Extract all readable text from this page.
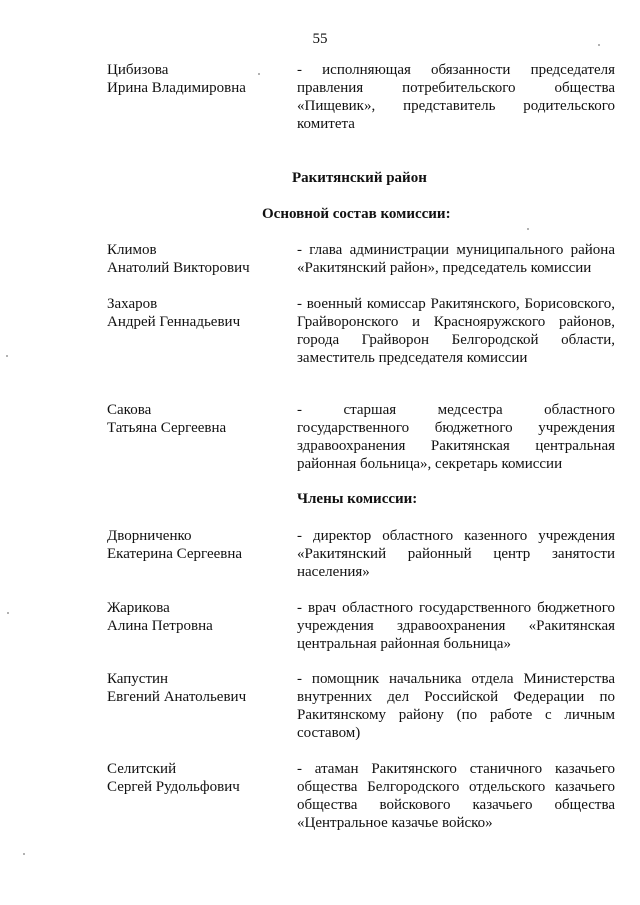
55
Цибизова
Ирина Владимировна
- исполняющая обязанности председателя правления потребительского общества «Пищевик», представитель родительского комитета
Ракитянский район
Основной состав комиссии:
Климов
Анатолий Викторович
- глава администрации муниципального района «Ракитянский район», председатель комиссии
Захаров
Андрей Геннадьевич
- военный комиссар Ракитянского, Борисовского, Грайворонского и Краснояружского районов, города Грайворон Белгородской области, заместитель председателя комиссии
Сакова
Татьяна Сергеевна
- старшая медсестра областного государственного бюджетного учреждения здравоохранения Ракитянская центральная районная больница», секретарь комиссии
Члены комиссии:
Дворниченко
Екатерина Сергеевна
- директор областного казенного учреждения «Ракитянский районный центр занятости населения»
Жарикова
Алина Петровна
- врач областного государственного бюджетного учреждения здравоохранения «Ракитянская центральная районная больница»
Капустин
Евгений Анатольевич
- помощник начальника отдела Министерства внутренних дел Российской Федерации по Ракитянскому району (по работе с личным составом)
Селитский
Сергей Рудольфович
- атаман Ракитянского станичного казачьего общества Белгородского отдельского казачьего общества войскового казачьего общества «Центральное казачье войско»
